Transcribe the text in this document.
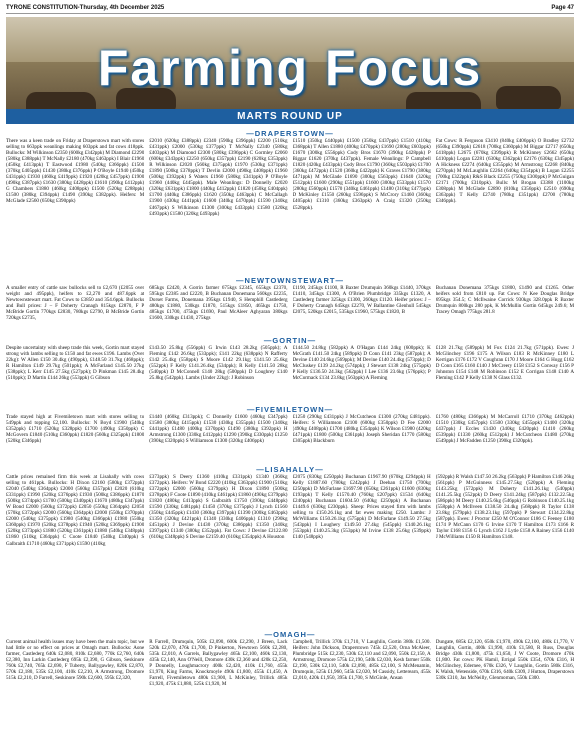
TYRONE CONSTITUTION-Thursday, 4th December 2025	Page 47
Farming Focus
MARTS ROUND UP
—DRAPERSTOWN—
There was a keen trade on Friday at Draperstown mart with stores selling to 663ppk weanlings making 603ppk and fat cows 418ppk. Bullocks: M Wilkinson £2350 (600kg £342ppk) M Diamond £2290 (580kg £388ppk) T McNally £2180 (470kg £463ppk) I Blair £1960 (450kg £413ppk) T Eastwood £1980 (540kg £366ppk) £1500 (370kg £405ppk) £1430 (380kg £376ppk) P O'Boyle £1940 (450kg £431ppk) £1930 (460kg £419ppk) £1920 (420kg £457ppk) £1900 (490kg £387ppk) £1630 (380kg £428ppk) £1610 (390kg £412ppk) G Chambers £1880 (460kg £408ppk) £1500 (520kg £288ppk) £1500 (380kg £394ppk) £1490 (390kg £382ppk). Heifers: M McGlade £2560 (650kg £390ppk)
£2010 (620kg £388ppk) £2340 (590kg £396ppk) £2200 (510kg £431ppk) £2000 (530kg £377ppk) T McNally £2340 (580kg £403ppk) M Diamond £2300 (580kg £396ppk) C Gormley £2060 (600kg £343ppk) £2250 (650kg £357ppk) £2190 (620kg £353ppk) R Wilkinson £2020 (560kg £375ppk) £1970 (530kg £371ppk) £1890 (500kg £378ppk) T Devlin £2000 (490kg £408ppk) £1960 (500kg £392ppk) S Waters £1960 (580kg £341ppk) P O'Boyle £1960 (440kg £445ppk). Male Weanlings: D Donnelly £2020 (320kg £631ppk) £1800 (440kg £412ppk) £1820 (450kg £404ppk) £1700 (440kg £386ppk) £1620 (350kg £463ppk) C McCallagh £1900 (430kg £441ppk) £1600 (340kg £470ppk) £1590 (340kg £467ppk) S Wilkinson £1300 (300kg £433ppk) £1580 (320kg £493ppk) £1580 (320kg £493ppk)
£1510 (350kg £440ppk) £1500 (350kg £437ppk) £1510 (410kg £368ppk) T Allen £1880 (400kg £470ppk) £1690 (280kg £603ppk) £1670 (300kg £556ppk) Cody Bros £1670 (390kg £428ppk) P Biggar £1620 (370kg £437ppk). Female Weanlings: P Campbell £1820 (420kg £433ppk) Cody Bros £1790 (360kg £503ppk) £1700 (360kg £472ppk) £1520 (360kg £422ppk) K Graves £1790 (380kg £471ppk) M McGlade £1690 (300kg £563ppk) £1640 (320kg £512ppk) £1600 (290kg £551ppk) £1600 (300kg £533ppk) £1570 (280kg £560ppk) £1570 (340kg £461ppk) £1480 (310kg £477ppk) D McKinley £1550 (260kg £596ppk) S McCrory £1460 (360kg £405ppk) £1310 (360kg £363ppk) A Craig £1320 (250kg £528ppk).
Fat Cows: R Ferguson £3410 (840kg £406ppk) O Bradley £2732 (650kg £390ppk) £2618 (700kg £360ppk) M Biggar £2717 (650kg £418ppk) L2675 (670kg £399ppk) R McKinney £2662 (650kg £410ppk) Logan £2281 (630kg £362ppk) £2176 (630kg £345ppk) A Hickness £2274 (640kg £355ppk) M Armstrong £2268 (840kg £270ppk) M McLaughlin £2264 (640kg £354ppk) B Logan £2255 (700kg £322ppk) R&S Black £2255 (750kg £300ppk) P McGuigan £2171 (700kg £310ppk). Bulls: M Brogan £3388 (1100kg £308ppk) M McGlade £2890 (810kg £356ppk) £2510 (690kg £363ppk) T Kelly £2740 (780kg £351ppk) £2700 (780kg £346ppk).
—NEWTOWNSTEWART—
A smaller entry of cattle saw bullocks sell to £2,670 (£2055 over weight and 495ppk), heifers to £2,270 and 487.6ppk at Newtownstewart mart. Fat Cows to £3850 and 354.6ppk. Bullocks and Bull prices: J – F Doherty Cranagh 815kgs £2870, F P McBride Gortin 770kgs £2830, 780kgs £2790, B McBride Gortin 720kgs £2735,
685kgs £2420, A Gorrin farmer 675kgs £2345, 655kgs £2370, 595kgs £2385 and £2220, B Buchanan Donemana 560kgs £2235, Dorset Farms, Donemana 395kgs £1940, S Hemphill Castlederg 480kgs £1880, 530kgs £1870, 515kgs £1850, 465kgs £1750, 485kgs £1700, 475kgs £1690, Paul McAleer Aghyaran 380kgs £1600, 330kgs £1430, 275kgs
£1190, 245kgs £1100, R Baxter Drumquin 360kgs £1440, 370kgs £1410, 345kgs £1300, A O'Brien Plumbridge 335kgs £1320, A Castlederg farmer 325kgs £1300, 260kgs £1120. Heifer prices: J – F Doherty Cranagh 645kgs £2270, W Ballantine Glenhull 545kgs £2075, 520kgs £2015, 535kgs £1960, 575kgs £1820, B
Buchanan Donemana 375kgs £1800, £1490 and £1265. Other heifers sold from £810 up. Fat Cows: N Kee Douglas Bridge 695kgs 354.5; C McIlwaine Corrick 930kgs 328.0ppk R Baxter Drumquin 800kgs 280 ppk, K McMullin Gortin 645kgs 249.6; M Tracey Omagh 775kgs 281.8
—GORTIN—
Despite uncertainty with sheep trade this week, Gortin mart stayed strong with lambs selling to £150 and fat ewes £196. Lambs (Over 22kg): W Allen £150 30.4kg (490ppk), £148.50 31.7kg (468ppk); R Hamilton £149 29.7kg (501ppk); A McFarland £145.50 27kg (538ppk); L Kerr £145 27.5kg (527ppk); D Pinkman £145 28.4kg (510ppk); D Martin £144 26kg (553ppk) G Gibson
£143.50 25.8kg (556ppk) G Irwin £143 28.2kg (505ppk); A Fleming £142 26.6kg (533ppk); £141 22kg (638ppk) N Rafferty £142 25.4kg (558ppk) S Moore £142 29.1kg; £141.50 25.6kg (552ppk) F Kelly £141.26.4kg (534ppk); R Kelly £141.50 28kg (540ppk) D McConnell £140 28kg (500ppk) D Loughrey £140 25.8kg (542ppk). Lambs (Under 22kg): J Robinson
£144.50 24.8kg (582ppk) A O'Hagan £144 24kg (600ppk); K McGrath £141.50 24kg (589ppk) D Conn £141 23kg (587ppk); A Devine £140 24.6kg (569ppk); M Devine £140 24.4kg (573ppk); D McCluskey £139 24.2kg (574ppk); J Stewart £138 24kg (575ppk) P Kelly £136.50 24.3kg (562ppk) I Lee £136 23.6kg (576ppk); P McCormack £134 23.8kg (563ppk) A Fleming
£128 21.7kg (589ppk) M Fox £124 21.7kg (571ppk). Ewes: J McGlinchey £196 £175 A Wilson £183 R McKinney £180 L Kerrigan £176 £172 V Coughran £170 J Moore £164 G Hogg £162 D Conn £165 £160 £140 J McCreery £158 £152 S Conway £156 P Johnston £154 £148 M Robinson £152 E Corrigan £148 £140 A Fleming £142 P Kelly £138 N Glass £132.
—FIVEMILETOWN—
Trade stayed high at Fivemiletown mart with stores selling to 549ppk and topping £2,100. Bullocks: N Boyd £1900 (540kg £352ppk) £1710 (520kg £328ppk) £1700 (490kg £350ppk) C McGovern £1840 (510kg £360ppk) £1820 (560kg £325ppk) £1800 (520kg £346ppk)
£1440 (460kg £313ppk); C Donnelly £1600 (460kg £347ppk) £1580 (380kg £415ppk) £1530 (430kg £355ppk) £1500 (340kg £441ppk) £1480 (400kg £370ppk) £1490 (380kg £392ppk) H Armstrong £1300 (330kg £412ppk) £1290 (390kg £330ppk) £1250 (390kg £320ppk) S Williamson £1300 (320kg £406ppk)
£1250 (290kg £431ppk) J McCutcheon £1300 (270kg £481ppk). Heifers: S Williamson £2100 (600kg £350ppk) D Fee £2000 (490kg £408ppk) £1700 (480kg £354ppk) K Wilson £1980 (420kg £471ppk) £1800 (500kg £361ppk) Joseph Sheridan £1770 (580kg £305ppk) Blackburn
£1760 (480kg £366ppk) M McCarroll £1710 (370kg £462ppk) £1510 (330kg £457ppk) £1500 (330kg £455ppk) £1400 (320kg £437ppk) J Eccles £1430 (340kg £420ppk) £1410 (260kg £539ppk) £1330 (260kg £512ppk) J McCutcheon £1480 (270kg £549ppk) J McFadden £1250 (390kg £320ppk).
—LISAHALLY—
Cattle prices remained firm this week at Lisahally with cows selling to 461ppk. Bullocks: H Dixon £2160 (580kg £372ppk) £2040 (540kg £364ppk) £2000 (560kg £357ppk) £2020 (610kg £331ppk) £1990 (520kg £376ppk) £1930 (500kg £386ppk) £1870 (500kg £374ppk) £1700 (500kg £340ppk) £1670 (480kg £347ppk) W Bond £2000 (560kg £372ppk) £2050 (550kg £364ppk) £2050 (570kg £372ppk) £2000 (560kg £364ppk) £2000 (550kg £370ppk) £2000 (540kg £375ppk) £1980 (540kg £366ppk) £1980 (550kg £360ppk) £1970 (520kg £378ppk) £1940 (520kg £369ppk) £1900 (520kg £373ppk) £1880 (520kg £361ppk) £1880 (540kg £348ppk) £1860 (510kg £364ppk) C Coote £1840 (540kg £340ppk) S Galbraith £1710 (460kg £371ppk) £1590 (410kg
£373ppk) S Deery £1360 (410kg £331ppk) £1340 (360kg £372ppk). Heifers: W Bond £2220 (410kg £363ppk) £1900 (510kg £372ppk) £2000 (560kg £379ppk) H Dixon £1890 (500kg £378ppk) F Coote £1890 (410kg £461ppk) £1860 (490kg £379ppk) £1820 (480kg £413ppk) S Galbraith £1750 (390kg £448ppk) £1590 (330kg £481ppk) £1450 (370kg £375ppk) J Lynch £1560 (350kg £445ppk) £1430 (360kg £397ppk) £1390 (300kg £463ppk) £1350 (320kg £421ppk) £1340 (330kg £406ppk) £1310 (290kg £451ppk) J Devine £1430 (370kg £386ppk) £1350 (340kg £397ppk) £1340 (380kg £352ppk). Fat Cows: J Devine £2122.80 (610kg £348ppk) S Devine £2159.40 (610kg £354ppk) A Houston
£2075 (830kg £250ppk) Buchanan £1967.90 (670kg £294ppk) H Kelly £1887.60 (780kg £242ppk) J Deehan £1750 (700kg £250ppk) D McFarlane £1697.90 (650kg £261ppk) £1600 (830kg £193ppk) T Kelly £1570.40 (760kg £207ppk) £1534 (640kg £240ppk) Buchanan £1604.50 (640kg £250ppk) A Buchanan £1449.6 (630kg £230ppk). Sheep: Prices stayed firm with lambs selling to £150.26.1kg and fat ewes making £250. Lambs: J McWilliams £150.26.1kg (575ppk) D McFarlane £149.50 27.5kg (543ppk) I Loughery £149.50 27.4kg (545ppk) £140.26.1kg (553ppk) £140.25.3kg (553ppk) M Irvine £138 25.6kg (539ppk) £140 (548ppk)
(592ppk) R Walsh £147.50 26.2kg (563ppk) P Hamilton £146 26kg (561ppk) P McGuinness £145.27.5kg (520ppk) A Fleming £143.25kg (572ppk) M Doherty £141.26.1kg (540ppk) £141.25.5kg (552ppk) D Deery £141.24kg (587ppk) £132.22.5kg (586ppk) M Deery £140.25.6kg (546ppk) G Robinson £140.25.1kg (558ppk) A McIlveen £138.50 24.4kg (568ppk) R Taylor £138 23.8kg (579ppk) £138.23.1kg (597ppk) P Stewart £134.22.8kg (587ppk). Ewes: J Proctor £250 M O'Connor £186 C Feeney £180 £174 P McCann £170 G Irvine £170 T Hamilton £173 £166 R Taylor £168 £156 G Lynch £162 J Lytle £158 A Rainey £156 £140 J McWilliams £150 R Hamilton £148.
—OMAGH—
Current animal health issues may have been the main topic, but we had little or no effect on prices at Omagh mart. Bullocks: Aone farmer, Castlederg 640k £2,080, 810k £2,680, 770k £2,760, 640k £2,380, Inn Larkin Castlederg 695k £2,390, G Gibson, Seskinore 760k £2,740, 765k £2,690, F Tuberty, Ballygawley, 820k £2,870, 570k £2,180, 535k £2,100, 410k £2,210, A Armstrong, Dromore 515k £2,210, D Farrell, Seskinore 590k £2,600, 595k £2,320,
R Farrell, Drumquin, 505k £2,090, 600k £2,290, J Breen, Lack 520k £2,070, 476k £1,700, D Pinkerton, Newtown 560k £2,280, 535k £2,010, A Garrels, Ballygawley 465k £2,100, 460k £2,130, 435k £2,140, Ann O'Neill, Dromore 430k £2,360 and 420k £2,250, P Donnelly, Loughmacrory 400k £2,420, 410k £1,760, 455k £1,970, King Farms, Knockmoyle 490k £1,800, 455k £1,450, A Farrell, Fivemiletown 480k £1,900, L McKinley, Trillick 485k £1,920, 475k £1,880, 525k £1,920, M
Campbell, Trillick 370k £1,710, V Laughlin, Gortin 380k £1,500. Heifers: John Dickson, Draperstown 745k £2,520, Orna McAleer, Plumbridge 515k £2,230, 530k £2,110 and £2,090, 550k £2,150, A Armstrong, Dromore 575k £2,190, 540k £2,030, Kesh farmer 550k £2,190, 530k £2,110, 540k £2,090, 485k £2,100, S McMenamin, Drumquin, 525k £1,960, 545k £2,020, M Cassidy, Letterearn, 455k £2,010, 420k £1,950, 395k £1,700, S McGinle, Ansan
Dungate, 685k £2,120, 650k £1,970, 490k £2,100, 480k £1,770, V Laughlin, Gortin, 400k £1,990, 410k £1,580, R Russ, Douglas Bridge 430k £1,800, 475k £1,650, J W Coote, Dromore 470k £1,800. Fat cows: PK Hamil, Errigal 550k £354, 670k £316, H McGlinchey, Edernee, 670k £326, V Laughlin, Gortin 580k £316, K Walsh, Wetenside, 670k £316, 640k £309, J Hutton, Draperstown 530k £310, Jas McNeilly, Glenmornan, 550k £300.
